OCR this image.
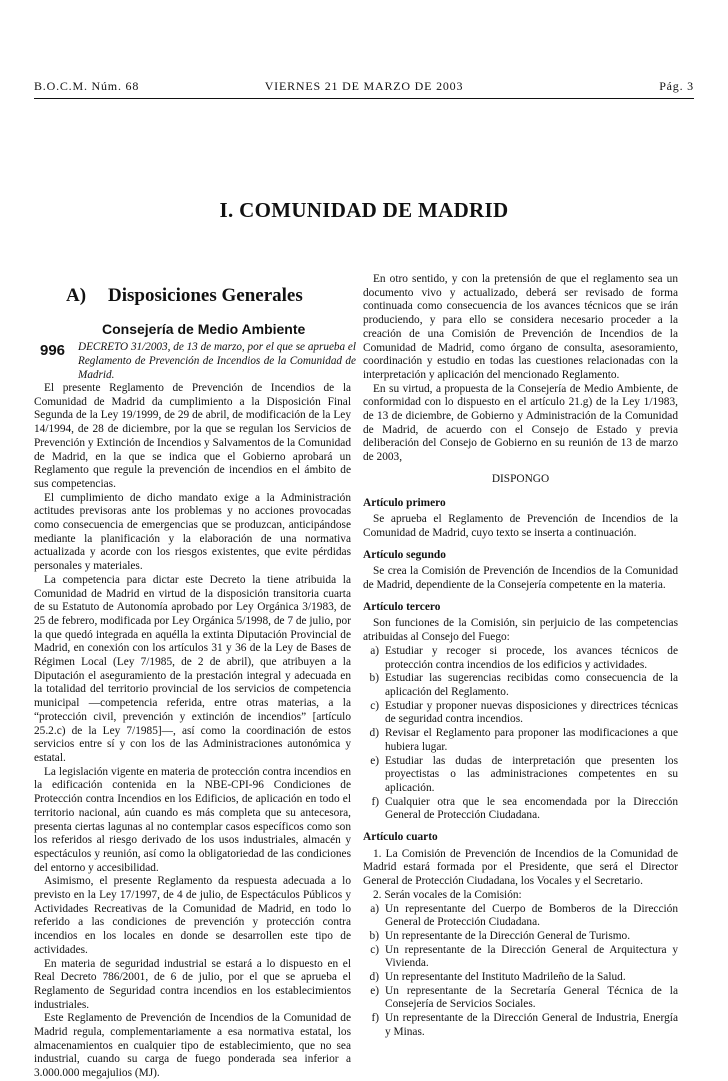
B.O.C.M. Núm. 68	VIERNES 21 DE MARZO DE 2003	Pág. 3
I. COMUNIDAD DE MADRID
A) Disposiciones Generales
Consejería de Medio Ambiente
996 DECRETO 31/2003, de 13 de marzo, por el que se aprueba el Reglamento de Prevención de Incendios de la Comunidad de Madrid.

El presente Reglamento de Prevención de Incendios de la Comunidad de Madrid da cumplimiento a la Disposición Final Segunda de la Ley 19/1999, de 29 de abril, de modificación de la Ley 14/1994, de 28 de diciembre, por la que se regulan los Servicios de Prevención y Extinción de Incendios y Salvamentos de la Comunidad de Madrid, en la que se indica que el Gobierno aprobará un Reglamento que regule la prevención de incendios en el ámbito de sus competencias.

El cumplimiento de dicho mandato exige a la Administración actitudes previsoras ante los problemas y no acciones provocadas como consecuencia de emergencias que se produzcan, anticipándose mediante la planificación y la elaboración de una normativa actualizada y acorde con los riesgos existentes, que evite pérdidas personales y materiales.

La competencia para dictar este Decreto la tiene atribuida la Comunidad de Madrid en virtud de la disposición transitoria cuarta de su Estatuto de Autonomía aprobado por Ley Orgánica 3/1983, de 25 de febrero, modificada por Ley Orgánica 5/1998, de 7 de julio, por la que quedó integrada en aquélla la extinta Diputación Provincial de Madrid, en conexión con los artículos 31 y 36 de la Ley de Bases de Régimen Local (Ley 7/1985, de 2 de abril), que atribuyen a la Diputación el aseguramiento de la prestación integral y adecuada en la totalidad del territorio provincial de los servicios de competencia municipal —competencia referida, entre otras materias, a la “protección civil, prevención y extinción de incendios” [artículo 25.2.c) de la Ley 7/1985]—, así como la coordinación de estos servicios entre sí y con los de las Administraciones autonómica y estatal.

La legislación vigente en materia de protección contra incendios en la edificación contenida en la NBE-CPI-96 Condiciones de Protección contra Incendios en los Edificios, de aplicación en todo el territorio nacional, aún cuando es más completa que su antecesora, presenta ciertas lagunas al no contemplar casos específicos como son los referidos al riesgo derivado de los usos industriales, almacén y espectáculos y reunión, así como la obligatoriedad de las condiciones del entorno y accesibilidad.

Asimismo, el presente Reglamento da respuesta adecuada a lo previsto en la Ley 17/1997, de 4 de julio, de Espectáculos Públicos y Actividades Recreativas de la Comunidad de Madrid, en todo lo referido a las condiciones de prevención y protección contra incendios en los locales en donde se desarrollen este tipo de actividades.

En materia de seguridad industrial se estará a lo dispuesto en el Real Decreto 786/2001, de 6 de julio, por el que se aprueba el Reglamento de Seguridad contra incendios en los establecimientos industriales.

Este Reglamento de Prevención de Incendios de la Comunidad de Madrid regula, complementariamente a esa normativa estatal, los almacenamientos en cualquier tipo de establecimiento, que no sea industrial, cuando su carga de fuego ponderada sea inferior a 3.000.000 megajulios (MJ).

En otro sentido, y con la pretensión de que el reglamento sea un documento vivo y actualizado, deberá ser revisado de forma continuada como consecuencia de los avances técnicos que se irán produciendo, y para ello se considera necesario proceder a la creación de una Comisión de Prevención de Incendios de la Comunidad de Madrid, como órgano de consulta, asesoramiento, coordinación y estudio en todas las cuestiones relacionadas con la interpretación y aplicación del mencionado Reglamento.

En su virtud, a propuesta de la Consejería de Medio Ambiente, de conformidad con lo dispuesto en el artículo 21.g) de la Ley 1/1983, de 13 de diciembre, de Gobierno y Administración de la Comunidad de Madrid, de acuerdo con el Consejo de Estado y previa deliberación del Consejo de Gobierno en su reunión de 13 de marzo de 2003,

DISPONGO

Artículo primero

Se aprueba el Reglamento de Prevención de Incendios de la Comunidad de Madrid, cuyo texto se inserta a continuación.

Artículo segundo

Se crea la Comisión de Prevención de Incendios de la Comunidad de Madrid, dependiente de la Consejería competente en la materia.

Artículo tercero

Son funciones de la Comisión, sin perjuicio de las competencias atribuidas al Consejo del Fuego:

a) Estudiar y recoger si procede, los avances técnicos de protección contra incendios de los edificios y actividades.
b) Estudiar las sugerencias recibidas como consecuencia de la aplicación del Reglamento.
c) Estudiar y proponer nuevas disposiciones y directrices técnicas de seguridad contra incendios.
d) Revisar el Reglamento para proponer las modificaciones a que hubiera lugar.
e) Estudiar las dudas de interpretación que presenten los proyectistas o las administraciones competentes en su aplicación.
f) Cualquier otra que le sea encomendada por la Dirección General de Protección Ciudadana.
Artículo cuarto

1. La Comisión de Prevención de Incendios de la Comunidad de Madrid estará formada por el Presidente, que será el Director General de Protección Ciudadana, los Vocales y el Secretario.

2. Serán vocales de la Comisión:

a) Un representante del Cuerpo de Bomberos de la Dirección General de Protección Ciudadana.
b) Un representante de la Dirección General de Turismo.
c) Un representante de la Dirección General de Arquitectura y Vivienda.
d) Un representante del Instituto Madrileño de la Salud.
e) Un representante de la Secretaría General Técnica de la Consejería de Servicios Sociales.
f) Un representante de la Dirección General de Industria, Energía y Minas.
